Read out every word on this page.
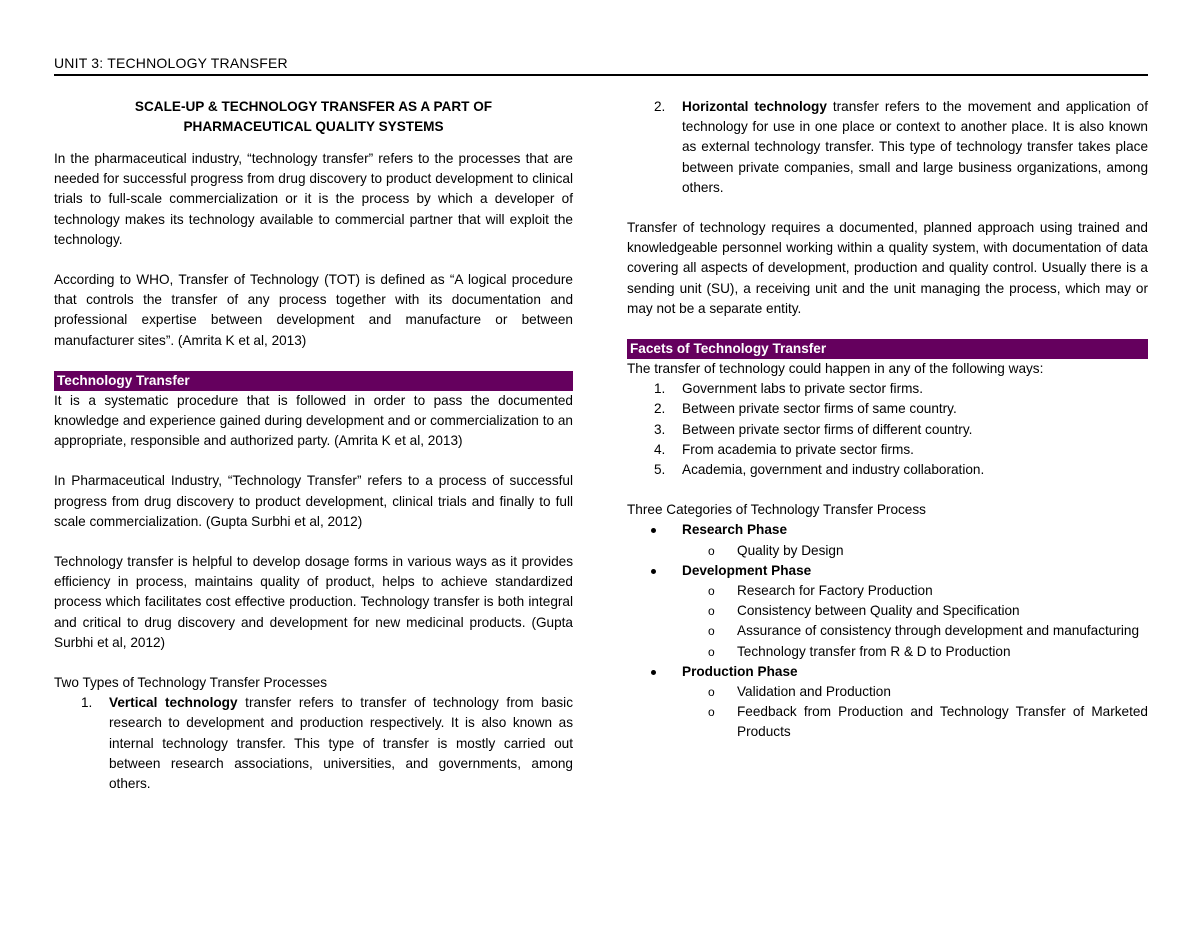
UNIT 3: TECHNOLOGY TRANSFER
SCALE-UP & TECHNOLOGY TRANSFER AS A PART OF
PHARMACEUTICAL QUALITY SYSTEMS

In the pharmaceutical industry, “technology transfer” refers to the processes that are needed for successful progress from drug discovery to product development to clinical trials to full-scale commercialization or it is the process by which a developer of technology makes its technology available to commercial partner that will exploit the technology.

According to WHO, Transfer of Technology (TOT) is defined as “A logical procedure that controls the transfer of any process together with its documentation and professional expertise between development and manufacture or between manufacturer sites”. (Amrita K et al, 2013)

Technology Transfer

It is a systematic procedure that is followed in order to pass the documented knowledge and experience gained during development and or commercialization to an appropriate, responsible and authorized party. (Amrita K et al, 2013)

In Pharmaceutical Industry, “Technology Transfer” refers to a process of successful progress from drug discovery to product development, clinical trials and finally to full scale commercialization. (Gupta Surbhi et al, 2012)

Technology transfer is helpful to develop dosage forms in various ways as it provides efficiency in process, maintains quality of product, helps to achieve standardized process which facilitates cost effective production. Technology transfer is both integral and critical to drug discovery and development for new medicinal products. (Gupta Surbhi et al, 2012)

Two Types of Technology Transfer Processes

1. Vertical technology transfer refers to transfer of technology from basic research to development and production respectively. It is also known as internal technology transfer. This type of transfer is mostly carried out between research associations, universities, and governments, among others.
2. Horizontal technology transfer refers to the movement and application of technology for use in one place or context to another place. It is also known as external technology transfer. This type of technology transfer takes place between private companies, small and large business organizations, among others.

Transfer of technology requires a documented, planned approach using trained and knowledgeable personnel working within a quality system, with documentation of data covering all aspects of development, production and quality control. Usually there is a sending unit (SU), a receiving unit and the unit managing the process, which may or may not be a separate entity.

Facets of Technology Transfer

The transfer of technology could happen in any of the following ways:

1. Government labs to private sector firms.
2. Between private sector firms of same country.
3. Between private sector firms of different country.
4. From academia to private sector firms.
5. Academia, government and industry collaboration.

Three Categories of Technology Transfer Process

Research Phase
o Quality by Design
Development Phase
o Research for Factory Production
o Consistency between Quality and Specification
o Assurance of consistency through development and manufacturing
o Technology transfer from R & D to Production
Production Phase
o Validation and Production
o Feedback from Production and Technology Transfer of Marketed Products
